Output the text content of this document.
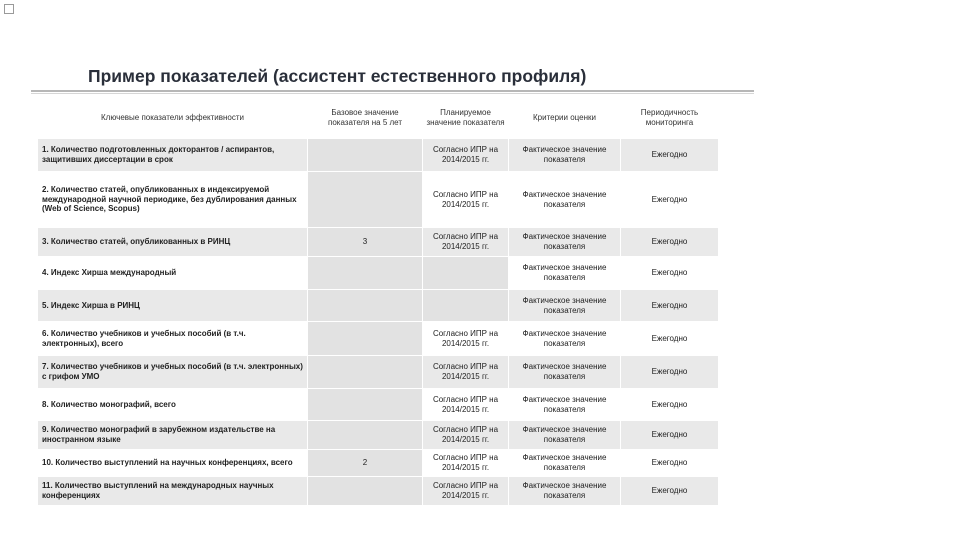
Пример показателей (ассистент естественного профиля)
Ключевые показатели эффективности	Базовое значение показателя на 5 лет	Планируемое значение показателя	Критерии оценки	Периодичность мониторинга
1. Количество подготовленных докторантов / аспирантов, защитивших диссертации в срок		Согласно ИПР на 2014/2015 гг.	Фактическое значение показателя	Ежегодно
2. Количество статей, опубликованных в индексируемой международной научной периодике, без дублирования данных (Web of Science, Scopus)		Согласно ИПР на 2014/2015 гг.	Фактическое значение показателя	Ежегодно
3. Количество статей, опубликованных в РИНЦ	3	Согласно ИПР на 2014/2015 гг.	Фактическое значение показателя	Ежегодно
4. Индекс Хирша международный			Фактическое значение показателя	Ежегодно
5. Индекс Хирша в РИНЦ			Фактическое значение показателя	Ежегодно
6. Количество учебников и учебных пособий (в т.ч. электронных), всего		Согласно ИПР на 2014/2015 гг.	Фактическое значение показателя	Ежегодно
7. Количество учебников и учебных пособий (в т.ч. электронных) с грифом УМО		Согласно ИПР на 2014/2015 гг.	Фактическое значение показателя	Ежегодно
8. Количество монографий, всего		Согласно ИПР на 2014/2015 гг.	Фактическое значение показателя	Ежегодно
9. Количество монографий в зарубежном издательстве на иностранном языке		Согласно ИПР на 2014/2015 гг.	Фактическое значение показателя	Ежегодно
10. Количество выступлений на научных конференциях, всего	2	Согласно ИПР на 2014/2015 гг.	Фактическое значение показателя	Ежегодно
11. Количество выступлений на международных научных конференциях		Согласно ИПР на 2014/2015 гг.	Фактическое значение показателя	Ежегодно
